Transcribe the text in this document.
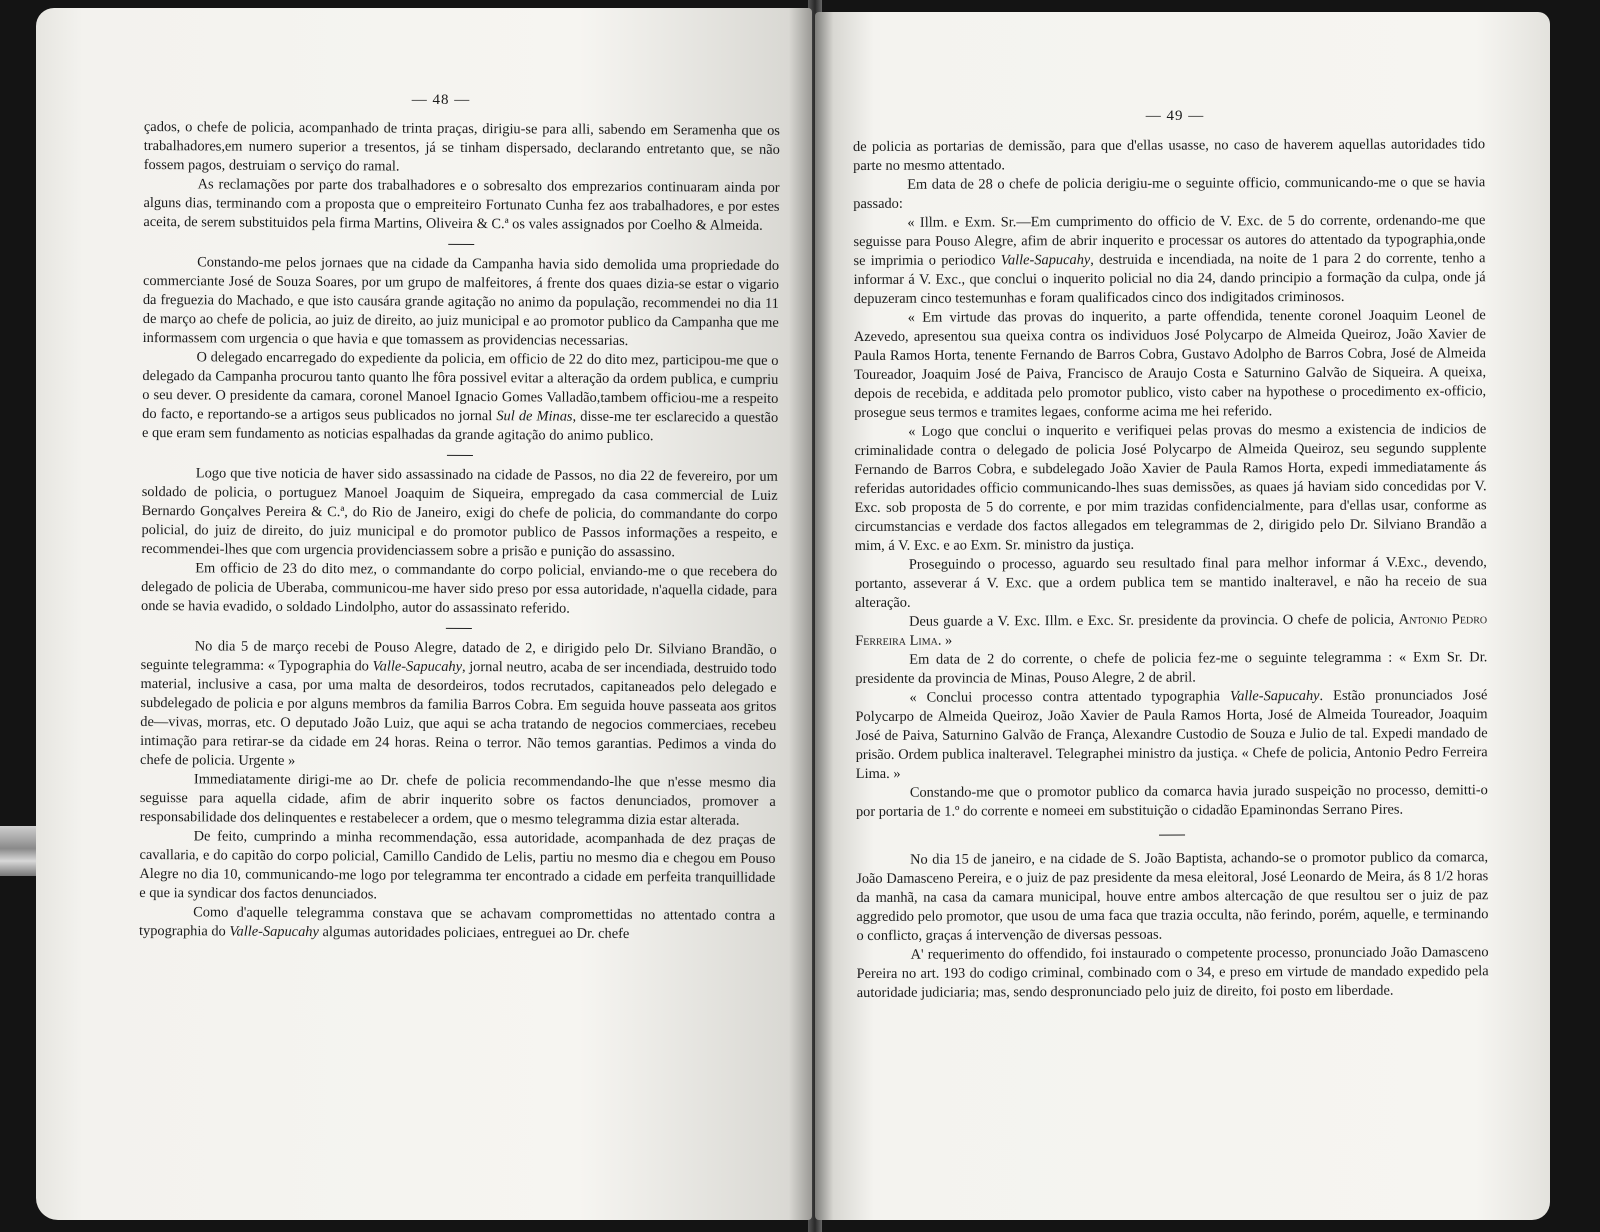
— 48 —

çados, o chefe de policia, acompanhado de trinta praças, dirigiu-se para alli, sabendo em Seramenha que os trabalhadores,em numero superior a tresentos, já se tinham dispersado, declarando entretanto que, se não fossem pagos, destruiam o serviço do ramal.

As reclamações por parte dos trabalhadores e o sobresalto dos emprezarios continuaram ainda por alguns dias, terminando com a proposta que o empreiteiro Fortunato Cunha fez aos trabalhadores, e por estes aceita, de serem substituidos pela firma Martins, Oliveira & C.ª os vales assignados por Coelho & Almeida.

Constando-me pelos jornaes que na cidade da Campanha havia sido demolida uma propriedade do commerciante José de Souza Soares, por um grupo de malfeitores, á frente dos quaes dizia-se estar o vigario da freguezia do Machado, e que isto causára grande agitação no animo da população, recommendei no dia 11 de março ao chefe de policia, ao juiz de direito, ao juiz municipal e ao promotor publico da Campanha que me informassem com urgencia o que havia e que tomassem as providencias necessarias.

O delegado encarregado do expediente da policia, em officio de 22 do dito mez, participou-me que o delegado da Campanha procurou tanto quanto lhe fôra possivel evitar a alteração da ordem publica, e cumpriu o seu dever. O presidente da camara, coronel Manoel Ignacio Gomes Valladão,tambem officiou-me a respeito do facto, e reportando-se a artigos seus publicados no jornal Sul de Minas, disse-me ter esclarecido a questão e que eram sem fundamento as noticias espalhadas da grande agitação do animo publico.

Logo que tive noticia de haver sido assassinado na cidade de Passos, no dia 22 de fevereiro, por um soldado de policia, o portuguez Manoel Joaquim de Siqueira, empregado da casa commercial de Luiz Bernardo Gonçalves Pereira & C.ª, do Rio de Janeiro, exigi do chefe de policia, do commandante do corpo policial, do juiz de direito, do juiz municipal e do promotor publico de Passos informações a respeito, e recommendei-lhes que com urgencia providenciassem sobre a prisão e punição do assassino.

Em officio de 23 do dito mez, o commandante do corpo policial, enviando-me o que recebera do delegado de policia de Uberaba, communicou-me haver sido preso por essa autoridade, n'aquella cidade, para onde se havia evadido, o soldado Lindolpho, autor do assassinato referido.

No dia 5 de março recebi de Pouso Alegre, datado de 2, e dirigido pelo Dr. Silviano Brandão, o seguinte telegramma: « Typographia do Valle-Sapucahy, jornal neutro, acaba de ser incendiada, destruido todo material, inclusive a casa, por uma malta de desordeiros, todos recrutados, capitaneados pelo delegado e subdelegado de policia e por alguns membros da familia Barros Cobra. Em seguida houve passeata aos gritos de—vivas, morras, etc. O deputado João Luiz, que aqui se acha tratando de negocios commerciaes, recebeu intimação para retirar-se da cidade em 24 horas. Reina o terror. Não temos garantias. Pedimos a vinda do chefe de policia. Urgente »

Immediatamente dirigi-me ao Dr. chefe de policia recommendando-lhe que n'esse mesmo dia seguisse para aquella cidade, afim de abrir inquerito sobre os factos denunciados, promover a responsabilidade dos delinquentes e restabelecer a ordem, que o mesmo telegramma dizia estar alterada.

De feito, cumprindo a minha recommendação, essa autoridade, acompanhada de dez praças de cavallaria, e do capitão do corpo policial, Camillo Candido de Lelis, partiu no mesmo dia e chegou em Pouso Alegre no dia 10, communicando-me logo por telegramma ter encontrado a cidade em perfeita tranquillidade e que ia syndicar dos factos denunciados.

Como d'aquelle telegramma constava que se achavam compromettidas no attentado contra a typographia do Valle-Sapucahy algumas autoridades policiaes, entreguei ao Dr. chefe

— 49 —

de policia as portarias de demissão, para que d'ellas usasse, no caso de haverem aquellas autoridades tido parte no mesmo attentado.

Em data de 28 o chefe de policia derigiu-me o seguinte officio, communicando-me o que se havia passado:

« Illm. e Exm. Sr.—Em cumprimento do officio de V. Exc. de 5 do corrente, ordenando-me que seguisse para Pouso Alegre, afim de abrir inquerito e processar os autores do attentado da typographia,onde se imprimia o periodico Valle-Sapucahy, destruida e incendiada, na noite de 1 para 2 do corrente, tenho a informar á V. Exc., que conclui o inquerito policial no dia 24, dando principio a formação da culpa, onde já depuzeram cinco testemunhas e foram qualificados cinco dos indigitados criminosos.

« Em virtude das provas do inquerito, a parte offendida, tenente coronel Joaquim Leonel de Azevedo, apresentou sua queixa contra os individuos José Polycarpo de Almeida Queiroz, João Xavier de Paula Ramos Horta, tenente Fernando de Barros Cobra, Gustavo Adolpho de Barros Cobra, José de Almeida Toureador, Joaquim José de Paiva, Francisco de Araujo Costa e Saturnino Galvão de Siqueira. A queixa, depois de recebida, e additada pelo promotor publico, visto caber na hypothese o procedimento ex-officio, prosegue seus termos e tramites legaes, conforme acima me hei referido.

« Logo que conclui o inquerito e verifiquei pelas provas do mesmo a existencia de indicios de criminalidade contra o delegado de policia José Polycarpo de Almeida Queiroz, seu segundo supplente Fernando de Barros Cobra, e subdelegado João Xavier de Paula Ramos Horta, expedi immediatamente ás referidas autoridades officio communicando-lhes suas demissões, as quaes já haviam sido concedidas por V. Exc. sob proposta de 5 do corrente, e por mim trazidas confidencialmente, para d'ellas usar, conforme as circumstancias e verdade dos factos allegados em telegrammas de 2, dirigido pelo Dr. Silviano Brandão a mim, á V. Exc. e ao Exm. Sr. ministro da justiça.

Proseguindo o processo, aguardo seu resultado final para melhor informar á V.Exc., devendo, portanto, asseverar á V. Exc. que a ordem publica tem se mantido inalteravel, e não ha receio de sua alteração.

Deus guarde a V. Exc. Illm. e Exc. Sr. presidente da provincia. O chefe de policia, Antonio Pedro Ferreira Lima. »

Em data de 2 do corrente, o chefe de policia fez-me o seguinte telegramma : « Exm Sr. Dr. presidente da provincia de Minas, Pouso Alegre, 2 de abril.

« Conclui processo contra attentado typographia Valle-Sapucahy. Estão pronunciados José Polycarpo de Almeida Queiroz, João Xavier de Paula Ramos Horta, José de Almeida Toureador, Joaquim José de Paiva, Saturnino Galvão de França, Alexandre Custodio de Souza e Julio de tal. Expedi mandado de prisão. Ordem publica inalteravel. Telegraphei ministro da justiça. « Chefe de policia, Antonio Pedro Ferreira Lima. »

Constando-me que o promotor publico da comarca havia jurado suspeição no processo, demitti-o por portaria de 1.º do corrente e nomeei em substituição o cidadão Epaminondas Serrano Pires.

No dia 15 de janeiro, e na cidade de S. João Baptista, achando-se o promotor publico da comarca, João Damasceno Pereira, e o juiz de paz presidente da mesa eleitoral, José Leonardo de Meira, ás 8 1/2 horas da manhã, na casa da camara municipal, houve entre ambos altercação de que resultou ser o juiz de paz aggredido pelo promotor, que usou de uma faca que trazia occulta, não ferindo, porém, aquelle, e terminando o conflicto, graças á intervenção de diversas pessoas.

A' requerimento do offendido, foi instaurado o competente processo, pronunciado João Damasceno Pereira no art. 193 do codigo criminal, combinado com o 34, e preso em virtude de mandado expedido pela autoridade judiciaria; mas, sendo despronunciado pelo juiz de direito, foi posto em liberdade.
